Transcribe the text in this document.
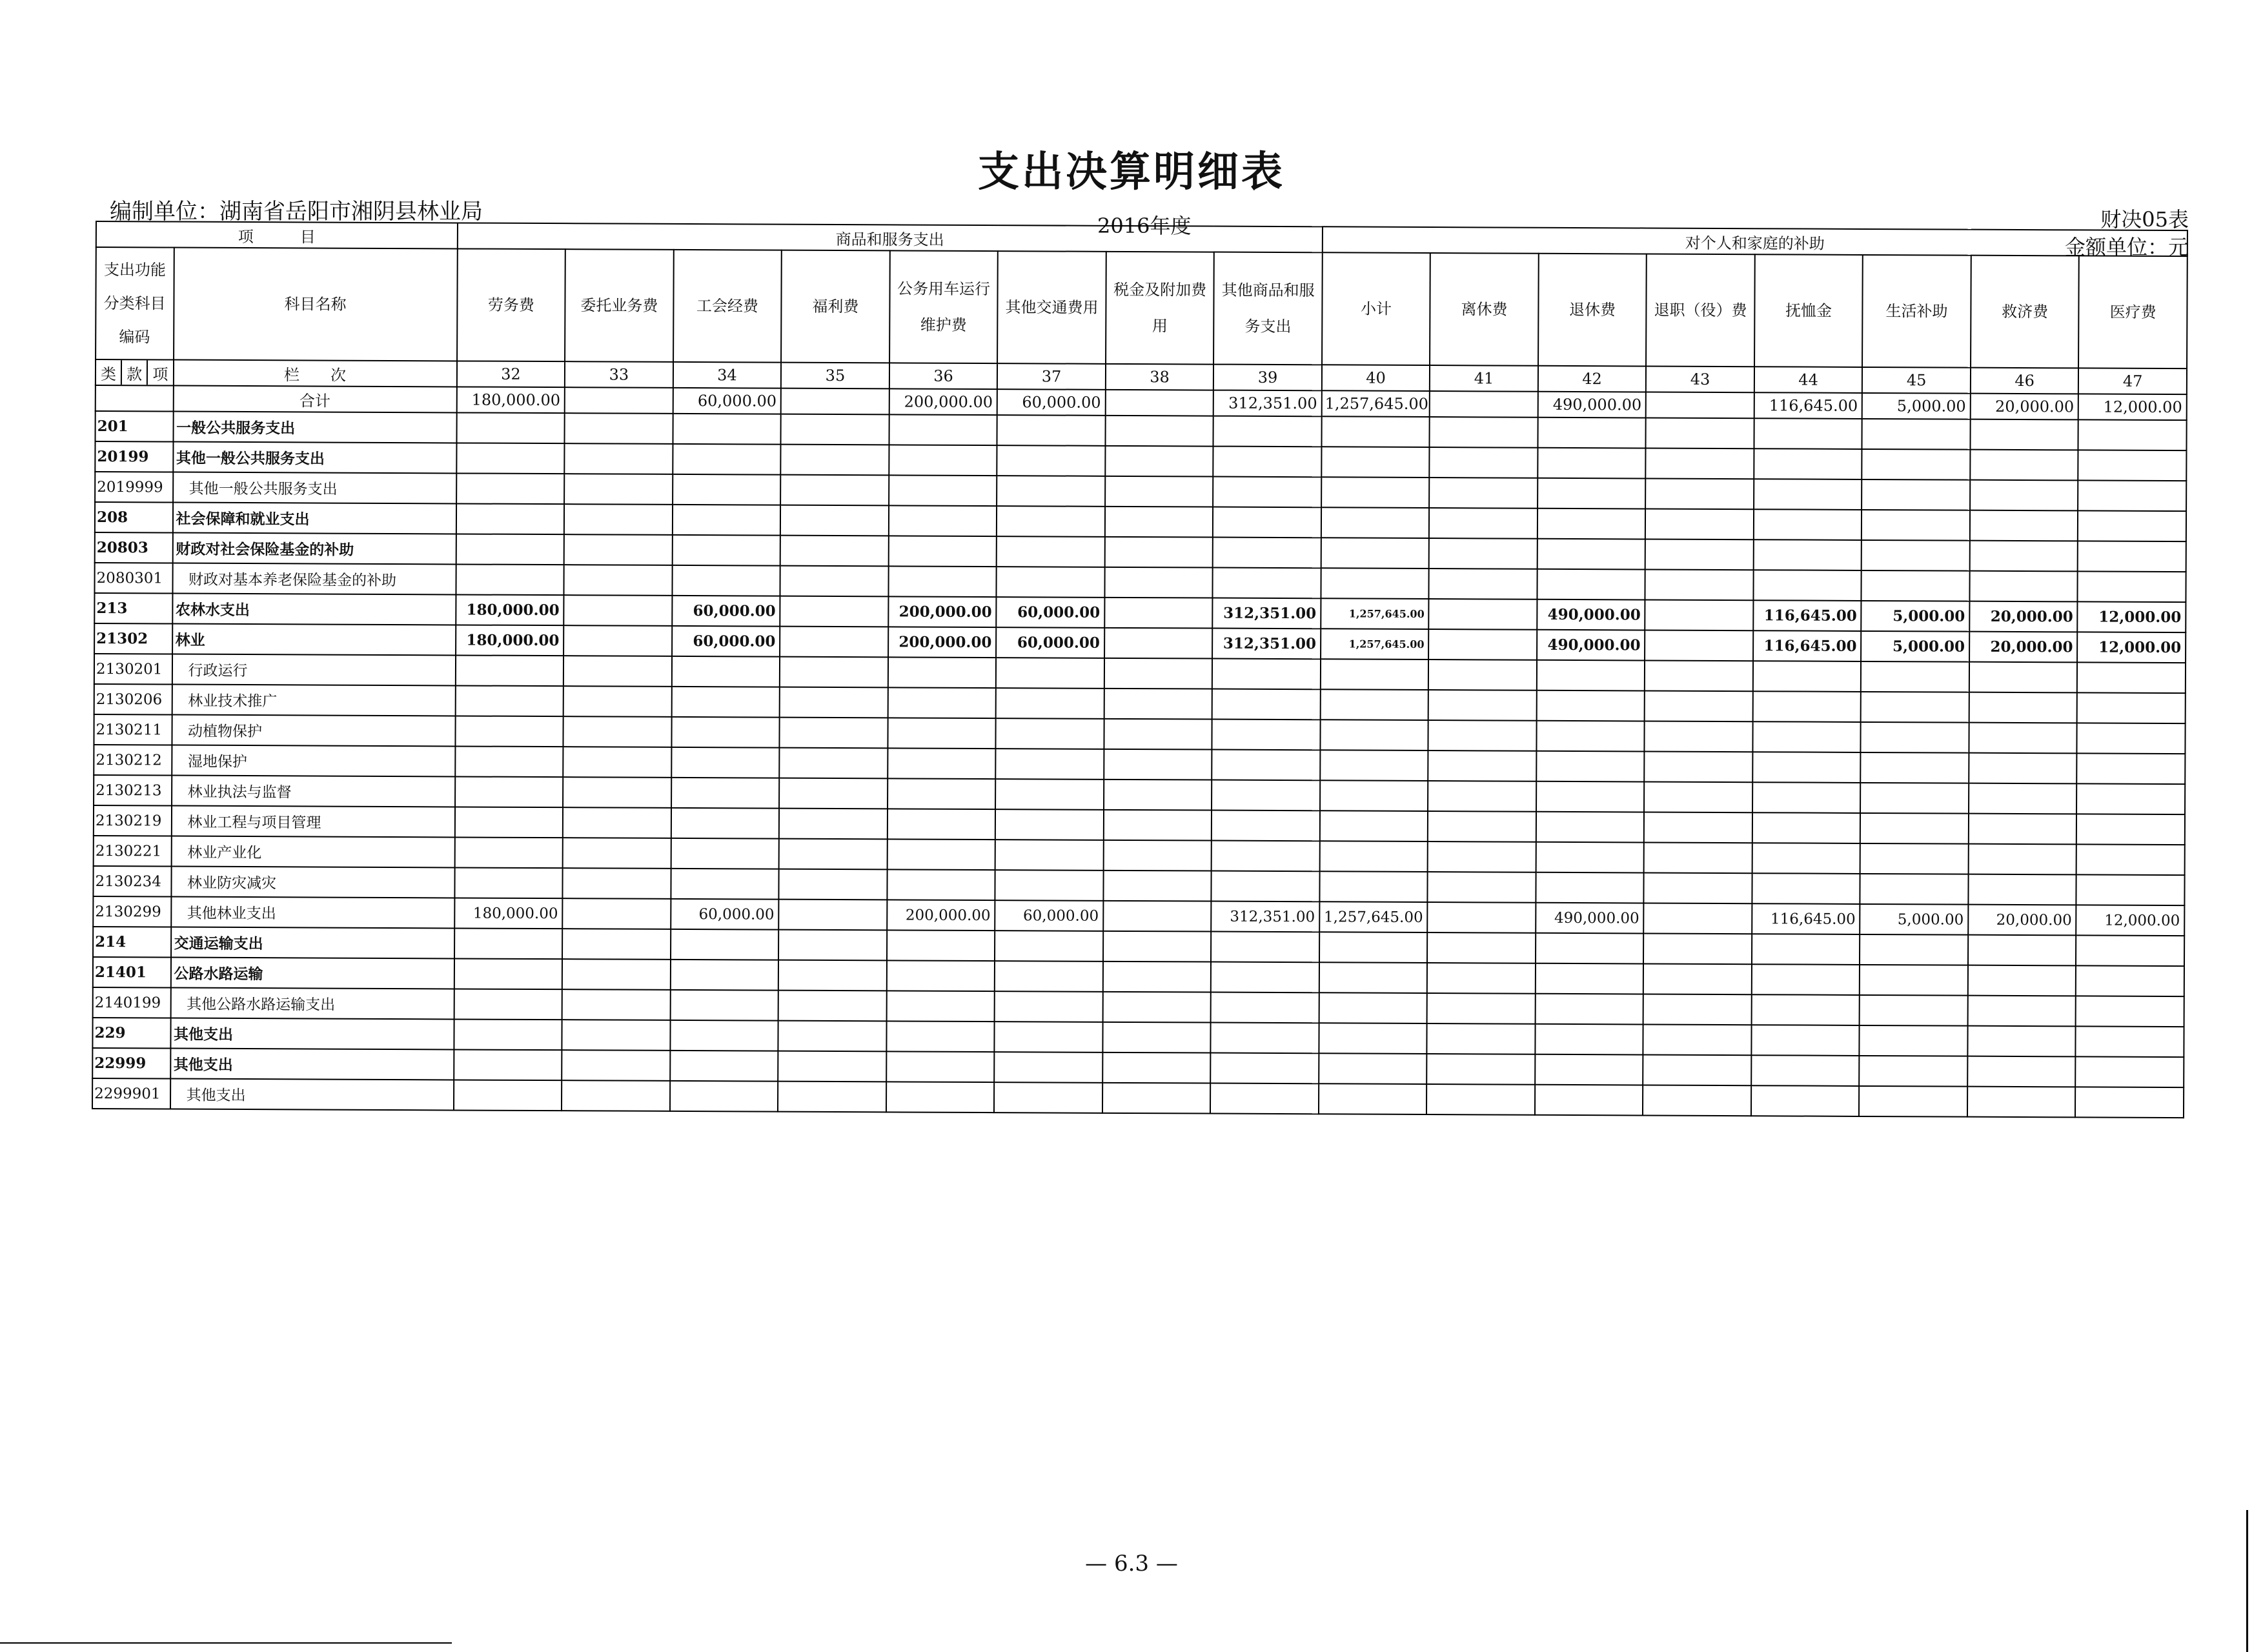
支出决算明细表
编制单位：湖南省岳阳市湘阴县林业局
2016年度	财决05表
金额单位：元
项　　　目		商品和服务支出								对个人和家庭的补助							
支出功能分类科目编码	科目名称	劳务费	委托业务费	工会经费	福利费	公务用车运行维护费	其他交通费用	税金及附加费用	其他商品和服务支出	小计	离休费	退休费	退职（役）费	抚恤金	生活补助	救济费	医疗费

类 款 项	栏　　次	32	33	34	35	36	37	38	39	40	41	42	43	44	45	46	47
	合计	180,000.00		60,000.00		200,000.00	60,000.00		312,351.00	1,257,645.00		490,000.00		116,645.00	5,000.00	20,000.00	12,000.00
201	一般公共服务支出																
20199	其他一般公共服务支出																
2019999	其他一般公共服务支出																
208	社会保障和就业支出																
20803	财政对社会保险基金的补助																
2080301	财政对基本养老保险基金的补助																
213	农林水支出	180,000.00		60,000.00		200,000.00	60,000.00		312,351.00	1,257,645.00		490,000.00		116,645.00	5,000.00	20,000.00	12,000.00
21302	林业	180,000.00		60,000.00		200,000.00	60,000.00		312,351.00	1,257,645.00		490,000.00		116,645.00	5,000.00	20,000.00	12,000.00
2130201	行政运行																
2130206	林业技术推广																
2130211	动植物保护																
2130212	湿地保护																
2130213	林业执法与监督																
2130219	林业工程与项目管理																
2130221	林业产业化																
2130234	林业防灾减灾																
2130299	其他林业支出	180,000.00		60,000.00		200,000.00	60,000.00		312,351.00	1,257,645.00		490,000.00		116,645.00	5,000.00	20,000.00	12,000.00
214	交通运输支出																
21401	公路水路运输																
2140199	其他公路水路运输支出																
229	其他支出																
22999	其他支出																
2299901	其他支出																
— 6.3 —
